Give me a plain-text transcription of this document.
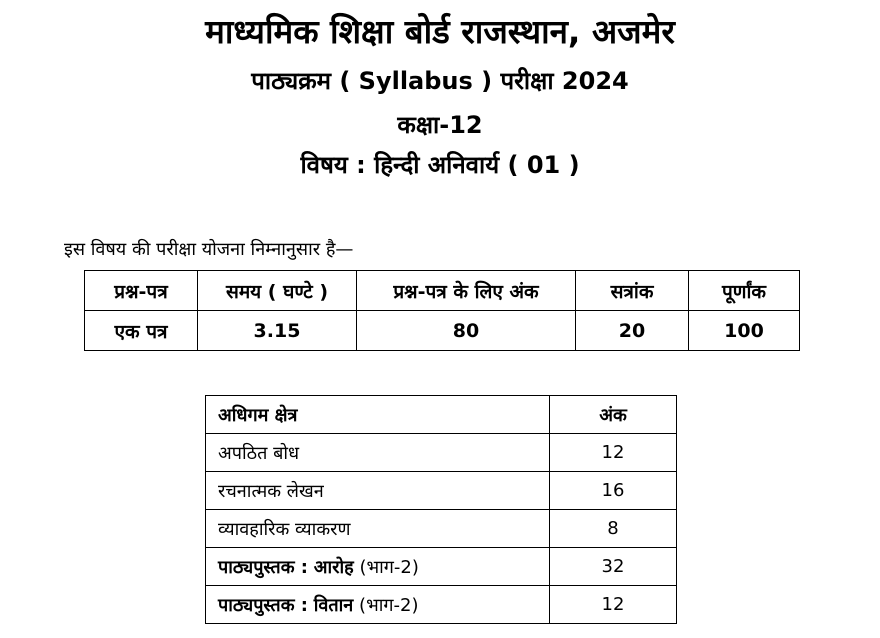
माध्यमिक शिक्षा बोर्ड राजस्थान, अजमेर
पाठ्यक्रम ( Syllabus ) परीक्षा 2024
कक्षा-12
विषय : हिन्दी अनिवार्य ( 01 )
इस विषय की परीक्षा योजना निम्नानुसार है—
प्रश्न-पत्र	समय ( घण्टे )	प्रश्न-पत्र के लिए अंक	सत्रांक	पूर्णांक
एक पत्र	3.15	80	20	100
अधिगम क्षेत्र	अंक
अपठित बोध	12
रचनात्मक लेखन	16
व्यावहारिक व्याकरण	8
पाठ्यपुस्तक : आरोह (भाग-2)	32
पाठ्यपुस्तक : वितान (भाग-2)	12
